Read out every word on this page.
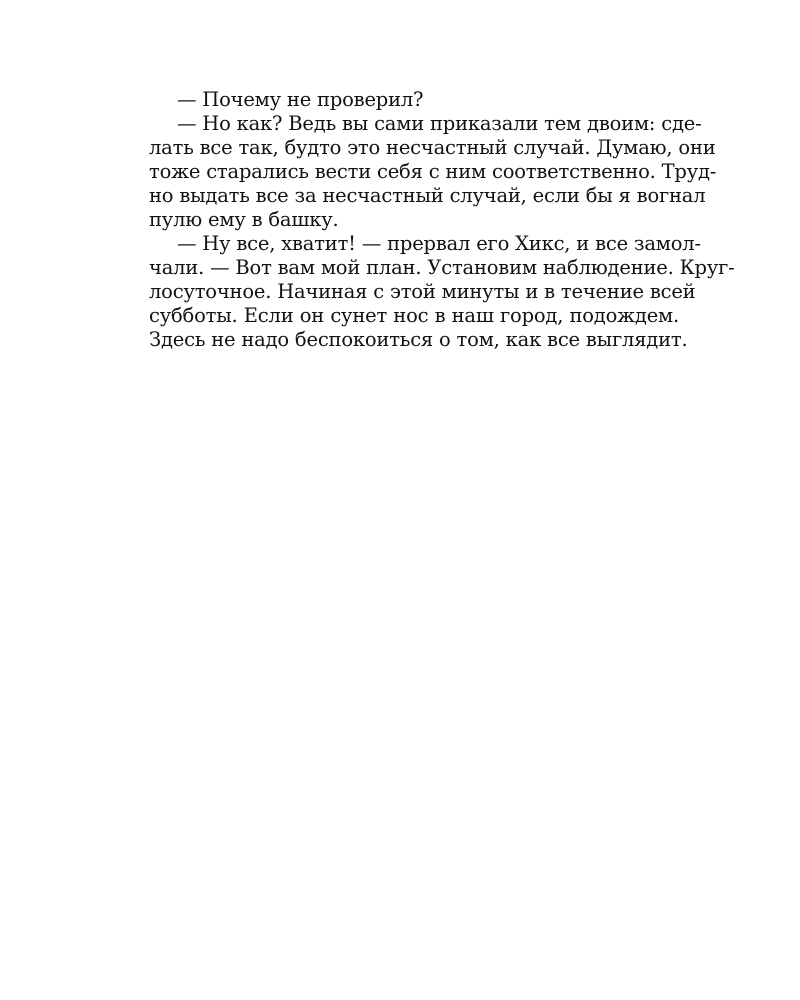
— Почему не проверил?
— Но как? Ведь вы сами приказали тем двоим: сде-
лать все так, будто это несчастный случай. Думаю, они
тоже старались вести себя с ним соответственно. Труд-
но выдать все за несчастный случай, если бы я вогнал
пулю ему в башку.
— Ну все, хватит! — прервал его Хикс, и все замол-
чали. — Вот вам мой план. Установим наблюдение. Круг-
лосуточное. Начиная с этой минуты и в течение всей
субботы. Если он сунет нос в наш город, подождем.
Здесь не надо беспокоиться о том, как все выглядит.
